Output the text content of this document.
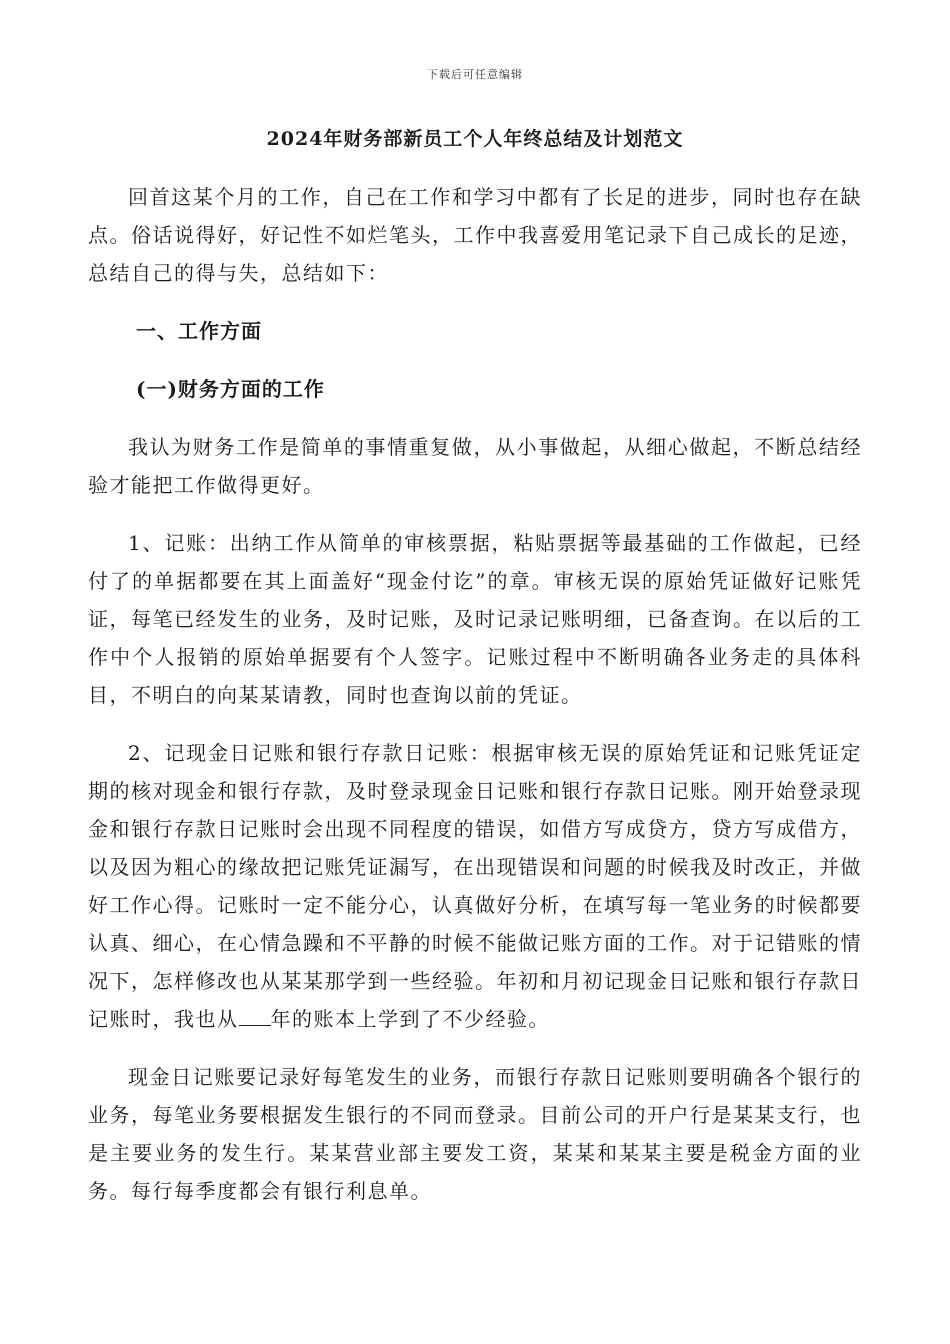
下载后可任意编辑
2024年财务部新员工个人年终总结及计划范文

回首这某个月的工作，自己在工作和学习中都有了长足的进步，同时也存在缺点。俗话说得好，好记性不如烂笔头，工作中我喜爱用笔记录下自己成长的足迹，总结自己的得与失，总结如下：

一、工作方面
(一)财务方面的工作

我认为财务工作是简单的事情重复做，从小事做起，从细心做起，不断总结经验才能把工作做得更好。

1、记账：出纳工作从简单的审核票据，粘贴票据等最基础的工作做起，已经付了的单据都要在其上面盖好“现金付讫”的章。审核无误的原始凭证做好记账凭证，每笔已经发生的业务，及时记账，及时记录记账明细，已备查询。在以后的工作中个人报销的原始单据要有个人签字。记账过程中不断明确各业务走的具体科目，不明白的向某某请教，同时也查询以前的凭证。

2、记现金日记账和银行存款日记账：根据审核无误的原始凭证和记账凭证定期的核对现金和银行存款，及时登录现金日记账和银行存款日记账。刚开始登录现金和银行存款日记账时会出现不同程度的错误，如借方写成贷方，贷方写成借方，以及因为粗心的缘故把记账凭证漏写，在出现错误和问题的时候我及时改正，并做好工作心得。记账时一定不能分心，认真做好分析，在填写每一笔业务的时候都要认真、细心，在心情急躁和不平静的时候不能做记账方面的工作。对于记错账的情况下，怎样修改也从某某那学到一些经验。年初和月初记现金日记账和银行存款日记账时，我也从 年的账本上学到了不少经验。

现金日记账要记录好每笔发生的业务，而银行存款日记账则要明确各个银行的业务，每笔业务要根据发生银行的不同而登录。目前公司的开户行是某某支行，也是主要业务的发生行。某某营业部主要发工资，某某和某某主要是税金方面的业务。每行每季度都会有银行利息单。
